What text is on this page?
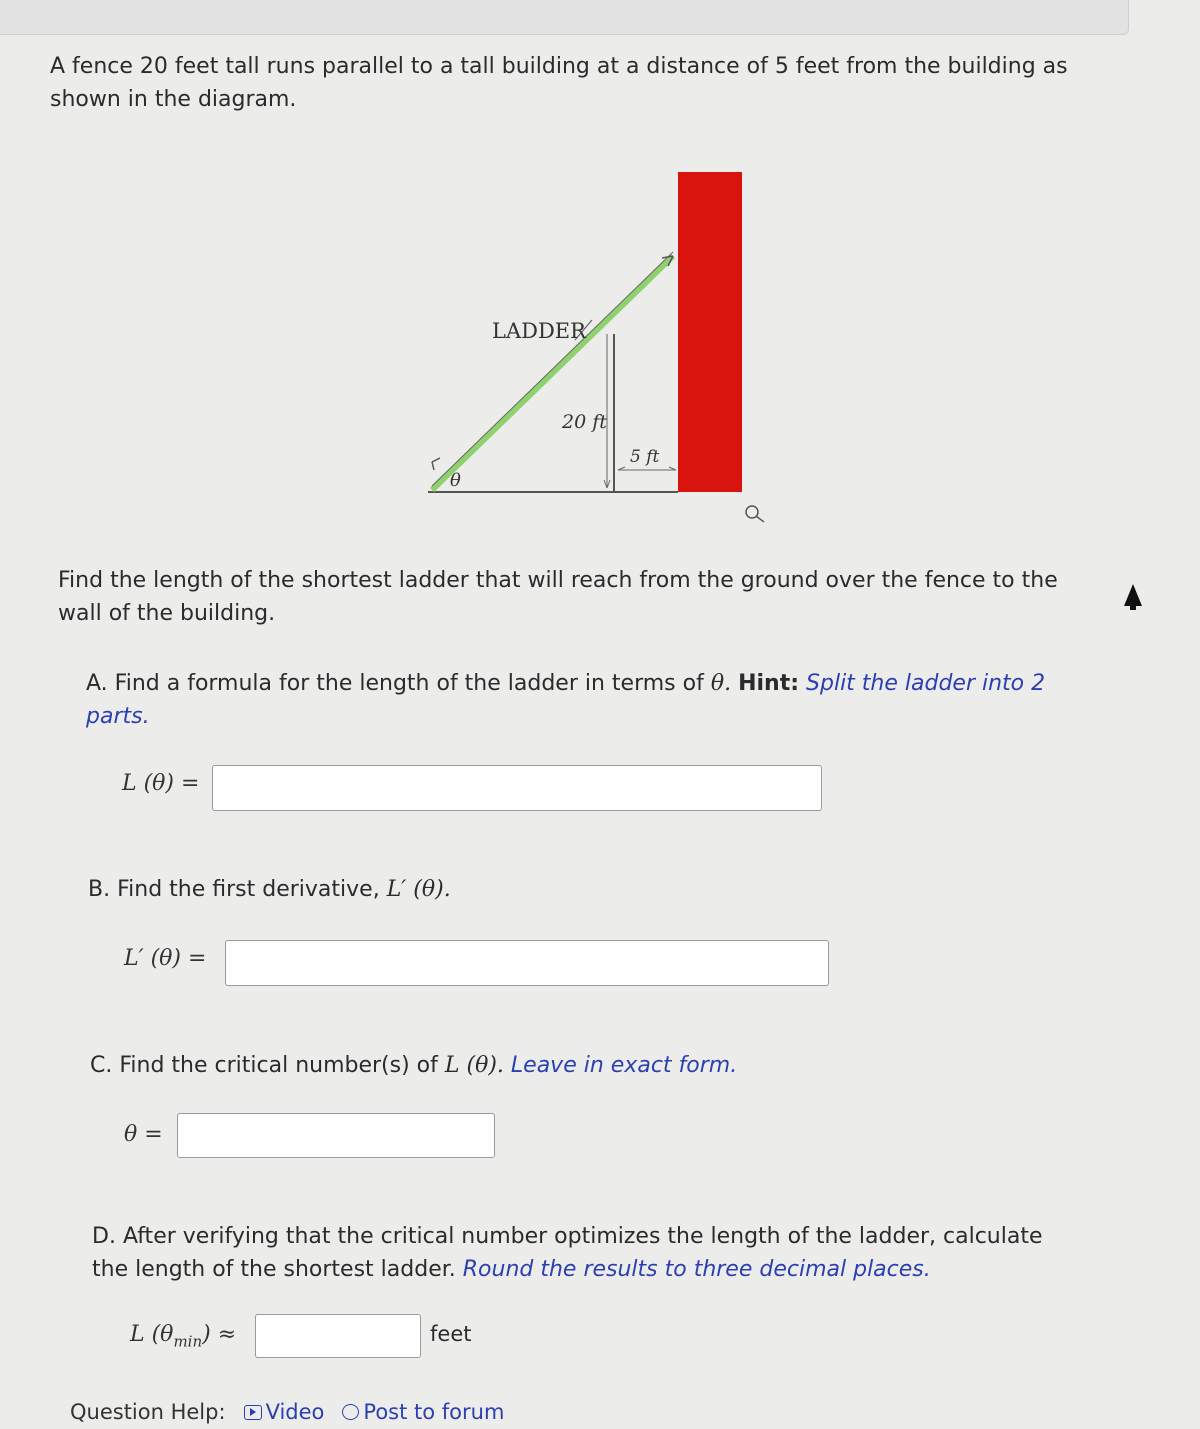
A fence 20 feet tall runs parallel to a tall building at a distance of 5 feet from the building as shown in the diagram.
LADDER
20 ft
5 ft
θ
Find the length of the shortest ladder that will reach from the ground over the fence to the wall of the building.
A. Find a formula for the length of the ladder in terms of θ. Hint: Split the ladder into 2 parts.
L (θ) =
B. Find the first derivative, L′ (θ).
L′ (θ) =
C. Find the critical number(s) of L (θ). Leave in exact form.
θ =
D. After verifying that the critical number optimizes the length of the ladder, calculate the length of the shortest ladder. Round the results to three decimal places.
L $(\theta_{min})$ ≈	feet
Question Help: Video Post to forum
